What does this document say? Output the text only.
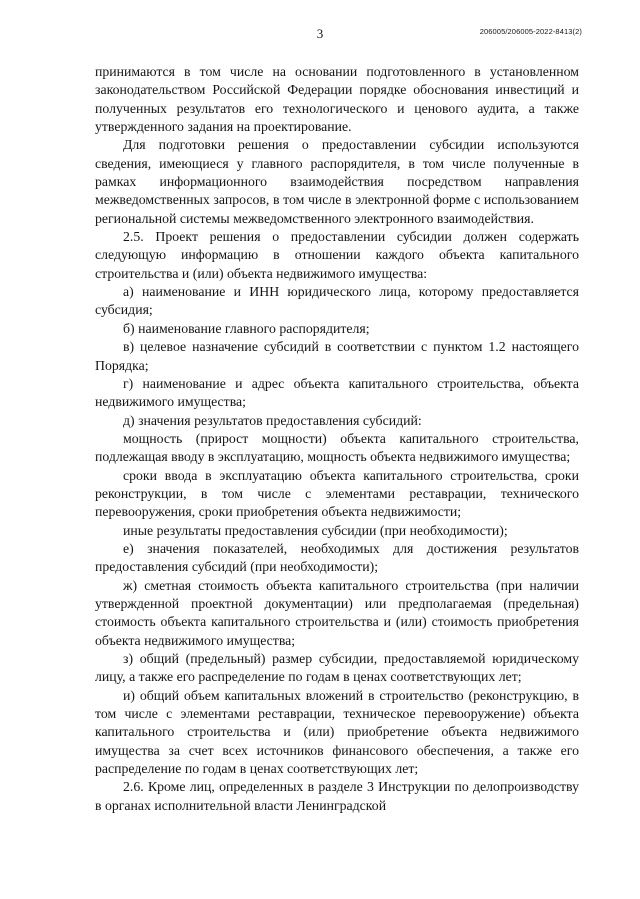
3	206005/206005-2022-8413(2)

принимаются в том числе на основании подготовленного в установленном законодательством Российской Федерации порядке обоснования инвестиций и полученных результатов его технологического и ценового аудита, а также утвержденного задания на проектирование.

Для подготовки решения о предоставлении субсидии используются сведения, имеющиеся у главного распорядителя, в том числе полученные в рамках информационного взаимодействия посредством направления межведомственных запросов, в том числе в электронной форме с использованием региональной системы межведомственного электронного взаимодействия.

2.5. Проект решения о предоставлении субсидии должен содержать следующую информацию в отношении каждого объекта капитального строительства и (или) объекта недвижимого имущества:

а) наименование и ИНН юридического лица, которому предоставляется субсидия;

б) наименование главного распорядителя;

в) целевое назначение субсидий в соответствии с пунктом 1.2 настоящего Порядка;

г) наименование и адрес объекта капитального строительства, объекта недвижимого имущества;

д) значения результатов предоставления субсидий:

мощность (прирост мощности) объекта капитального строительства, подлежащая вводу в эксплуатацию, мощность объекта недвижимого имущества;

сроки ввода в эксплуатацию объекта капитального строительства, сроки реконструкции, в том числе с элементами реставрации, технического перевооружения, сроки приобретения объекта недвижимости;

иные результаты предоставления субсидии (при необходимости);

е) значения показателей, необходимых для достижения результатов предоставления субсидий (при необходимости);

ж) сметная стоимость объекта капитального строительства (при наличии утвержденной проектной документации) или предполагаемая (предельная) стоимость объекта капитального строительства и (или) стоимость приобретения объекта недвижимого имущества;

з) общий (предельный) размер субсидии, предоставляемой юридическому лицу, а также его распределение по годам в ценах соответствующих лет;

и) общий объем капитальных вложений в строительство (реконструкцию, в том числе с элементами реставрации, техническое перевооружение) объекта капитального строительства и (или) приобретение объекта недвижимого имущества за счет всех источников финансового обеспечения, а также его распределение по годам в ценах соответствующих лет;

2.6. Кроме лиц, определенных в разделе 3 Инструкции по делопроизводству в органах исполнительной власти Ленинградской
